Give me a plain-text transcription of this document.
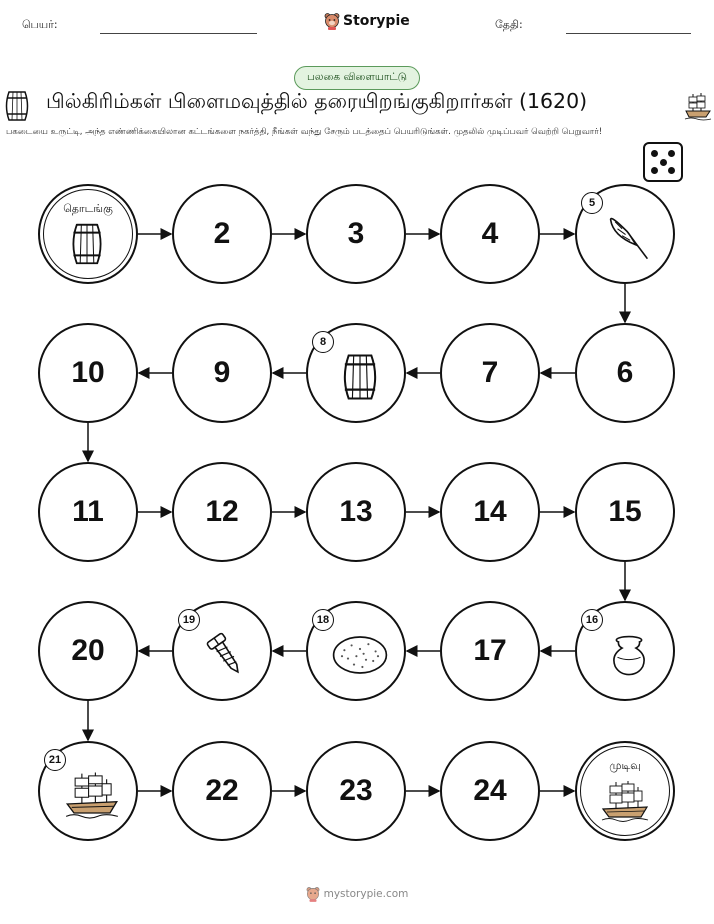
பெயர்:	Storypie	தேதி:
பலகை விளையாட்டு
பில்கிரிம்கள் பிளைமவுத்தில் தரையிறங்குகிறார்கள் (1620)
பகடையை உருட்டி, அந்த எண்ணிக்கையிலான கட்டங்களை நகர்த்தி, நீங்கள் வந்து சேரும் படத்தைப் பெயரிடுங்கள். முதலில் முடிப்பவர் வெற்றி பெறுவார்!
தொடங்கு
2	3	4
5
6
7
8
9
10
11	12	13	14	15
16
17
18
19
20
21
22	23	24
முடிவு
mystorypie.com
